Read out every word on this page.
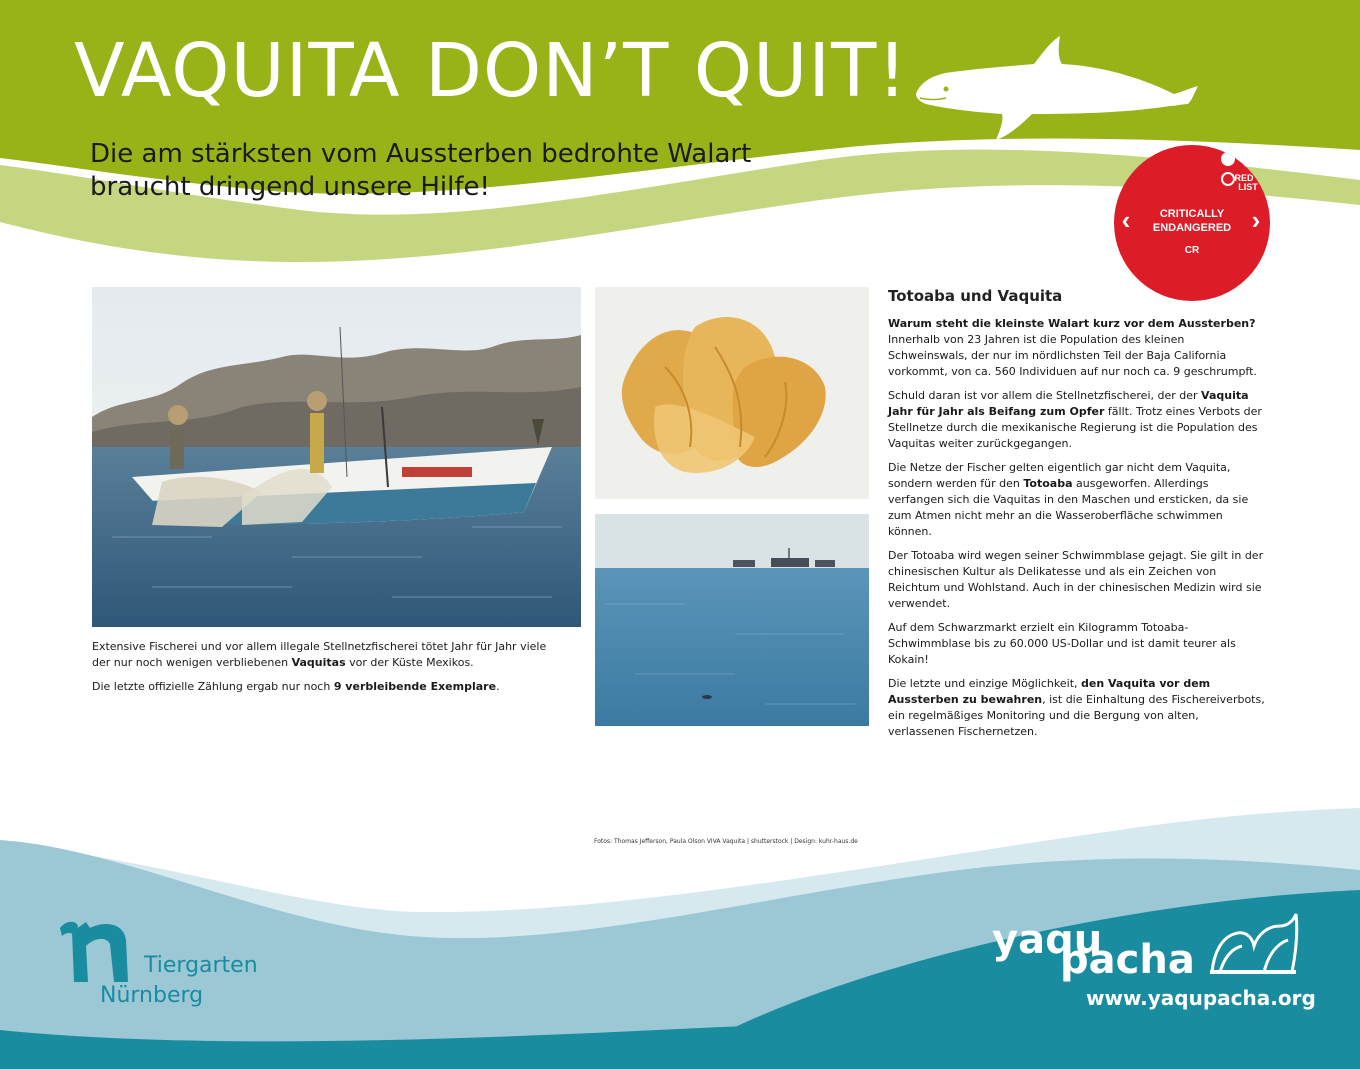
VAQUITA DON’T QUIT!
Die am stärksten vom Aussterben bedrohte Walart
braucht dringend unsere Hilfe!	RED
LIST
‹	›
CRITICALLY
ENDANGERED
CR

Extensive Fischerei und vor allem illegale Stellnetzfischerei tötet Jahr für Jahr viele der nur noch wenigen verbliebenen Vaquitas vor der Küste Mexikos.

Die letzte offizielle Zählung ergab nur noch 9 verbleibende Exemplare.

Totoaba und Vaquita

Warum steht die kleinste Walart kurz vor dem Aussterben? Innerhalb von 23 Jahren ist die Population des kleinen Schweinswals, der nur im nördlichsten Teil der Baja California vorkommt, von ca. 560 Individuen auf nur noch ca. 9 geschrumpft.

Schuld daran ist vor allem die Stellnetzfischerei, der der Vaquita Jahr für Jahr als Beifang zum Opfer fällt. Trotz eines Verbots der Stellnetze durch die mexikanische Regierung ist die Population des Vaquitas weiter zurückgegangen.

Die Netze der Fischer gelten eigentlich gar nicht dem Vaquita, sondern werden für den Totoaba ausgeworfen. Allerdings verfangen sich die Vaquitas in den Maschen und ersticken, da sie zum Atmen nicht mehr an die Wasseroberfläche schwimmen können.

Der Totoaba wird wegen seiner Schwimmblase gejagt. Sie gilt in der chinesischen Kultur als Delikatesse und als ein Zeichen von Reichtum und Wohlstand. Auch in der chinesischen Medizin wird sie verwendet.

Auf dem Schwarzmarkt erzielt ein Kilogramm Totoaba-Schwimmblase bis zu 60.000 US-Dollar und ist damit teurer als Kokain!

Die letzte und einzige Möglichkeit, den Vaquita vor dem Aussterben zu bewahren, ist die Einhaltung des Fischereiverbots, ein regelmäßiges Monitoring und die Bergung von alten, verlassenen Fischernetzen.

Fotos: Thomas Jefferson, Paula Olson VIVA Vaquita | shutterstock | Design: kuhr-haus.de
Tiergarten
Nürnberg
yaqu
pacha
www.yaqupacha.org
